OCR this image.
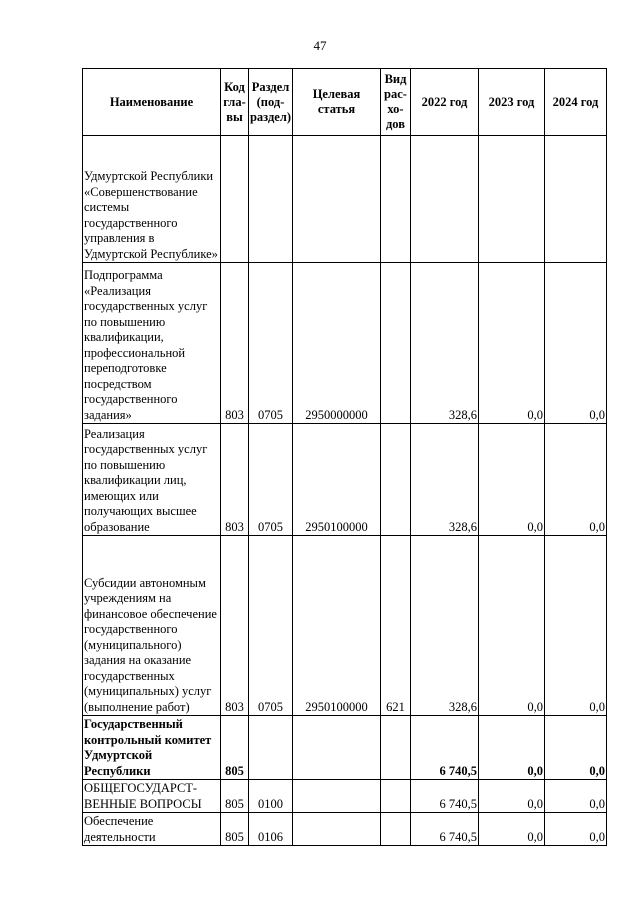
47
Наименование	Код гла-вы	Раздел (под-раздел)	Целевая статья	Вид рас-хо-дов	2022 год	2023 год	2024 год
Удмуртской Республики «Совершенствование системы государственного управления в Удмуртской Республике»							
Подпрограмма «Реализация государственных услуг по повышению квалификации, профессиональной переподготовке посредством государственного задания»	803	0705	2950000000		328,6	0,0	0,0
Реализация государственных услуг по повышению квалификации лиц, имеющих или получающих высшее образование	803	0705	2950100000		328,6	0,0	0,0
Субсидии автономным учреждениям на финансовое обеспечение государственного (муниципального) задания на оказание государственных (муниципальных) услуг (выполнение работ)	803	0705	2950100000	621	328,6	0,0	0,0
Государственный контрольный комитет Удмуртской Республики	805				6 740,5	0,0	0,0
ОБЩЕГОСУДАРСТ-ВЕННЫЕ ВОПРОСЫ	805	0100			6 740,5	0,0	0,0
Обеспечение деятельности	805	0106			6 740,5	0,0	0,0
